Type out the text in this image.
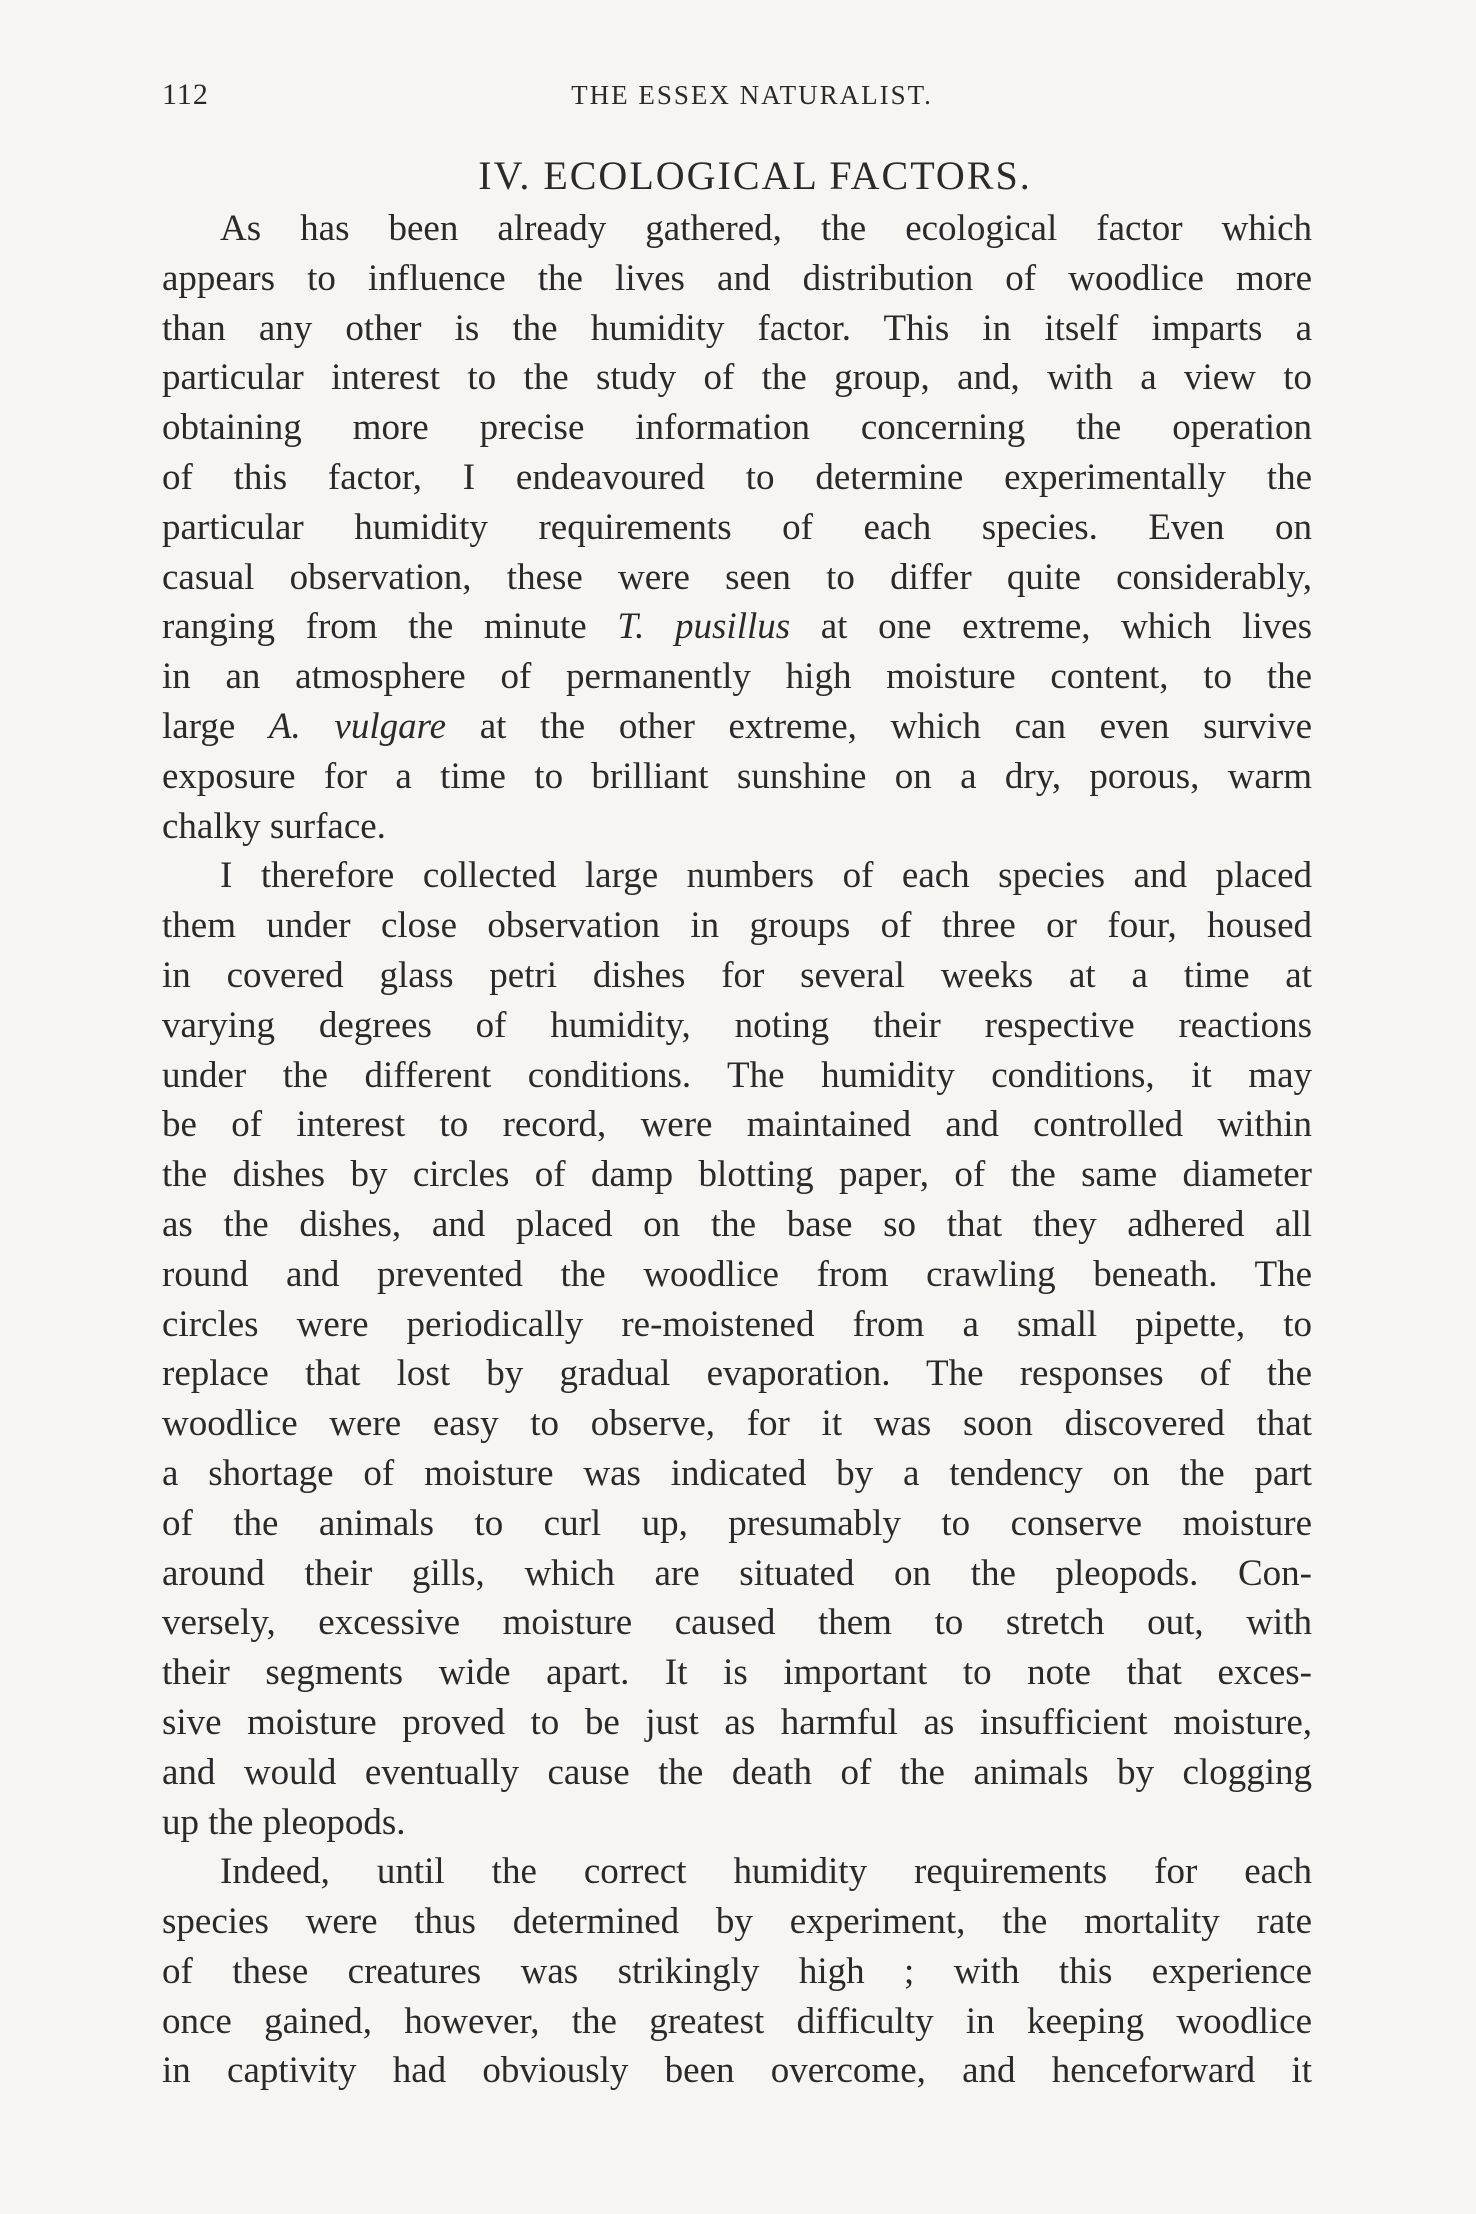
112	THE ESSEX NATURALIST.
IV. ECOLOGICAL FACTORS.

As has been already gathered, the ecological factor which
appears to influence the lives and distribution of woodlice more
than any other is the humidity factor. This in itself imparts a
particular interest to the study of the group, and, with a view to
obtaining more precise information concerning the operation
of this factor, I endeavoured to determine experimentally the
particular humidity requirements of each species. Even on
casual observation, these were seen to differ quite considerably,
ranging from the minute T. pusillus at one extreme, which lives
in an atmosphere of permanently high moisture content, to the
large A. vulgare at the other extreme, which can even survive
exposure for a time to brilliant sunshine on a dry, porous, warm
chalky surface.

I therefore collected large numbers of each species and placed
them under close observation in groups of three or four, housed
in covered glass petri dishes for several weeks at a time at
varying degrees of humidity, noting their respective reactions
under the different conditions. The humidity conditions, it may
be of interest to record, were maintained and controlled within
the dishes by circles of damp blotting paper, of the same diameter
as the dishes, and placed on the base so that they adhered all
round and prevented the woodlice from crawling beneath. The
circles were periodically re-moistened from a small pipette, to
replace that lost by gradual evaporation. The responses of the
woodlice were easy to observe, for it was soon discovered that
a shortage of moisture was indicated by a tendency on the part
of the animals to curl up, presumably to conserve moisture
around their gills, which are situated on the pleopods. Con-
versely, excessive moisture caused them to stretch out, with
their segments wide apart. It is important to note that exces-
sive moisture proved to be just as harmful as insufficient moisture,
and would eventually cause the death of the animals by clogging
up the pleopods.

Indeed, until the correct humidity requirements for each
species were thus determined by experiment, the mortality rate
of these creatures was strikingly high ; with this experience
once gained, however, the greatest difficulty in keeping woodlice
in captivity had obviously been overcome, and henceforward it
